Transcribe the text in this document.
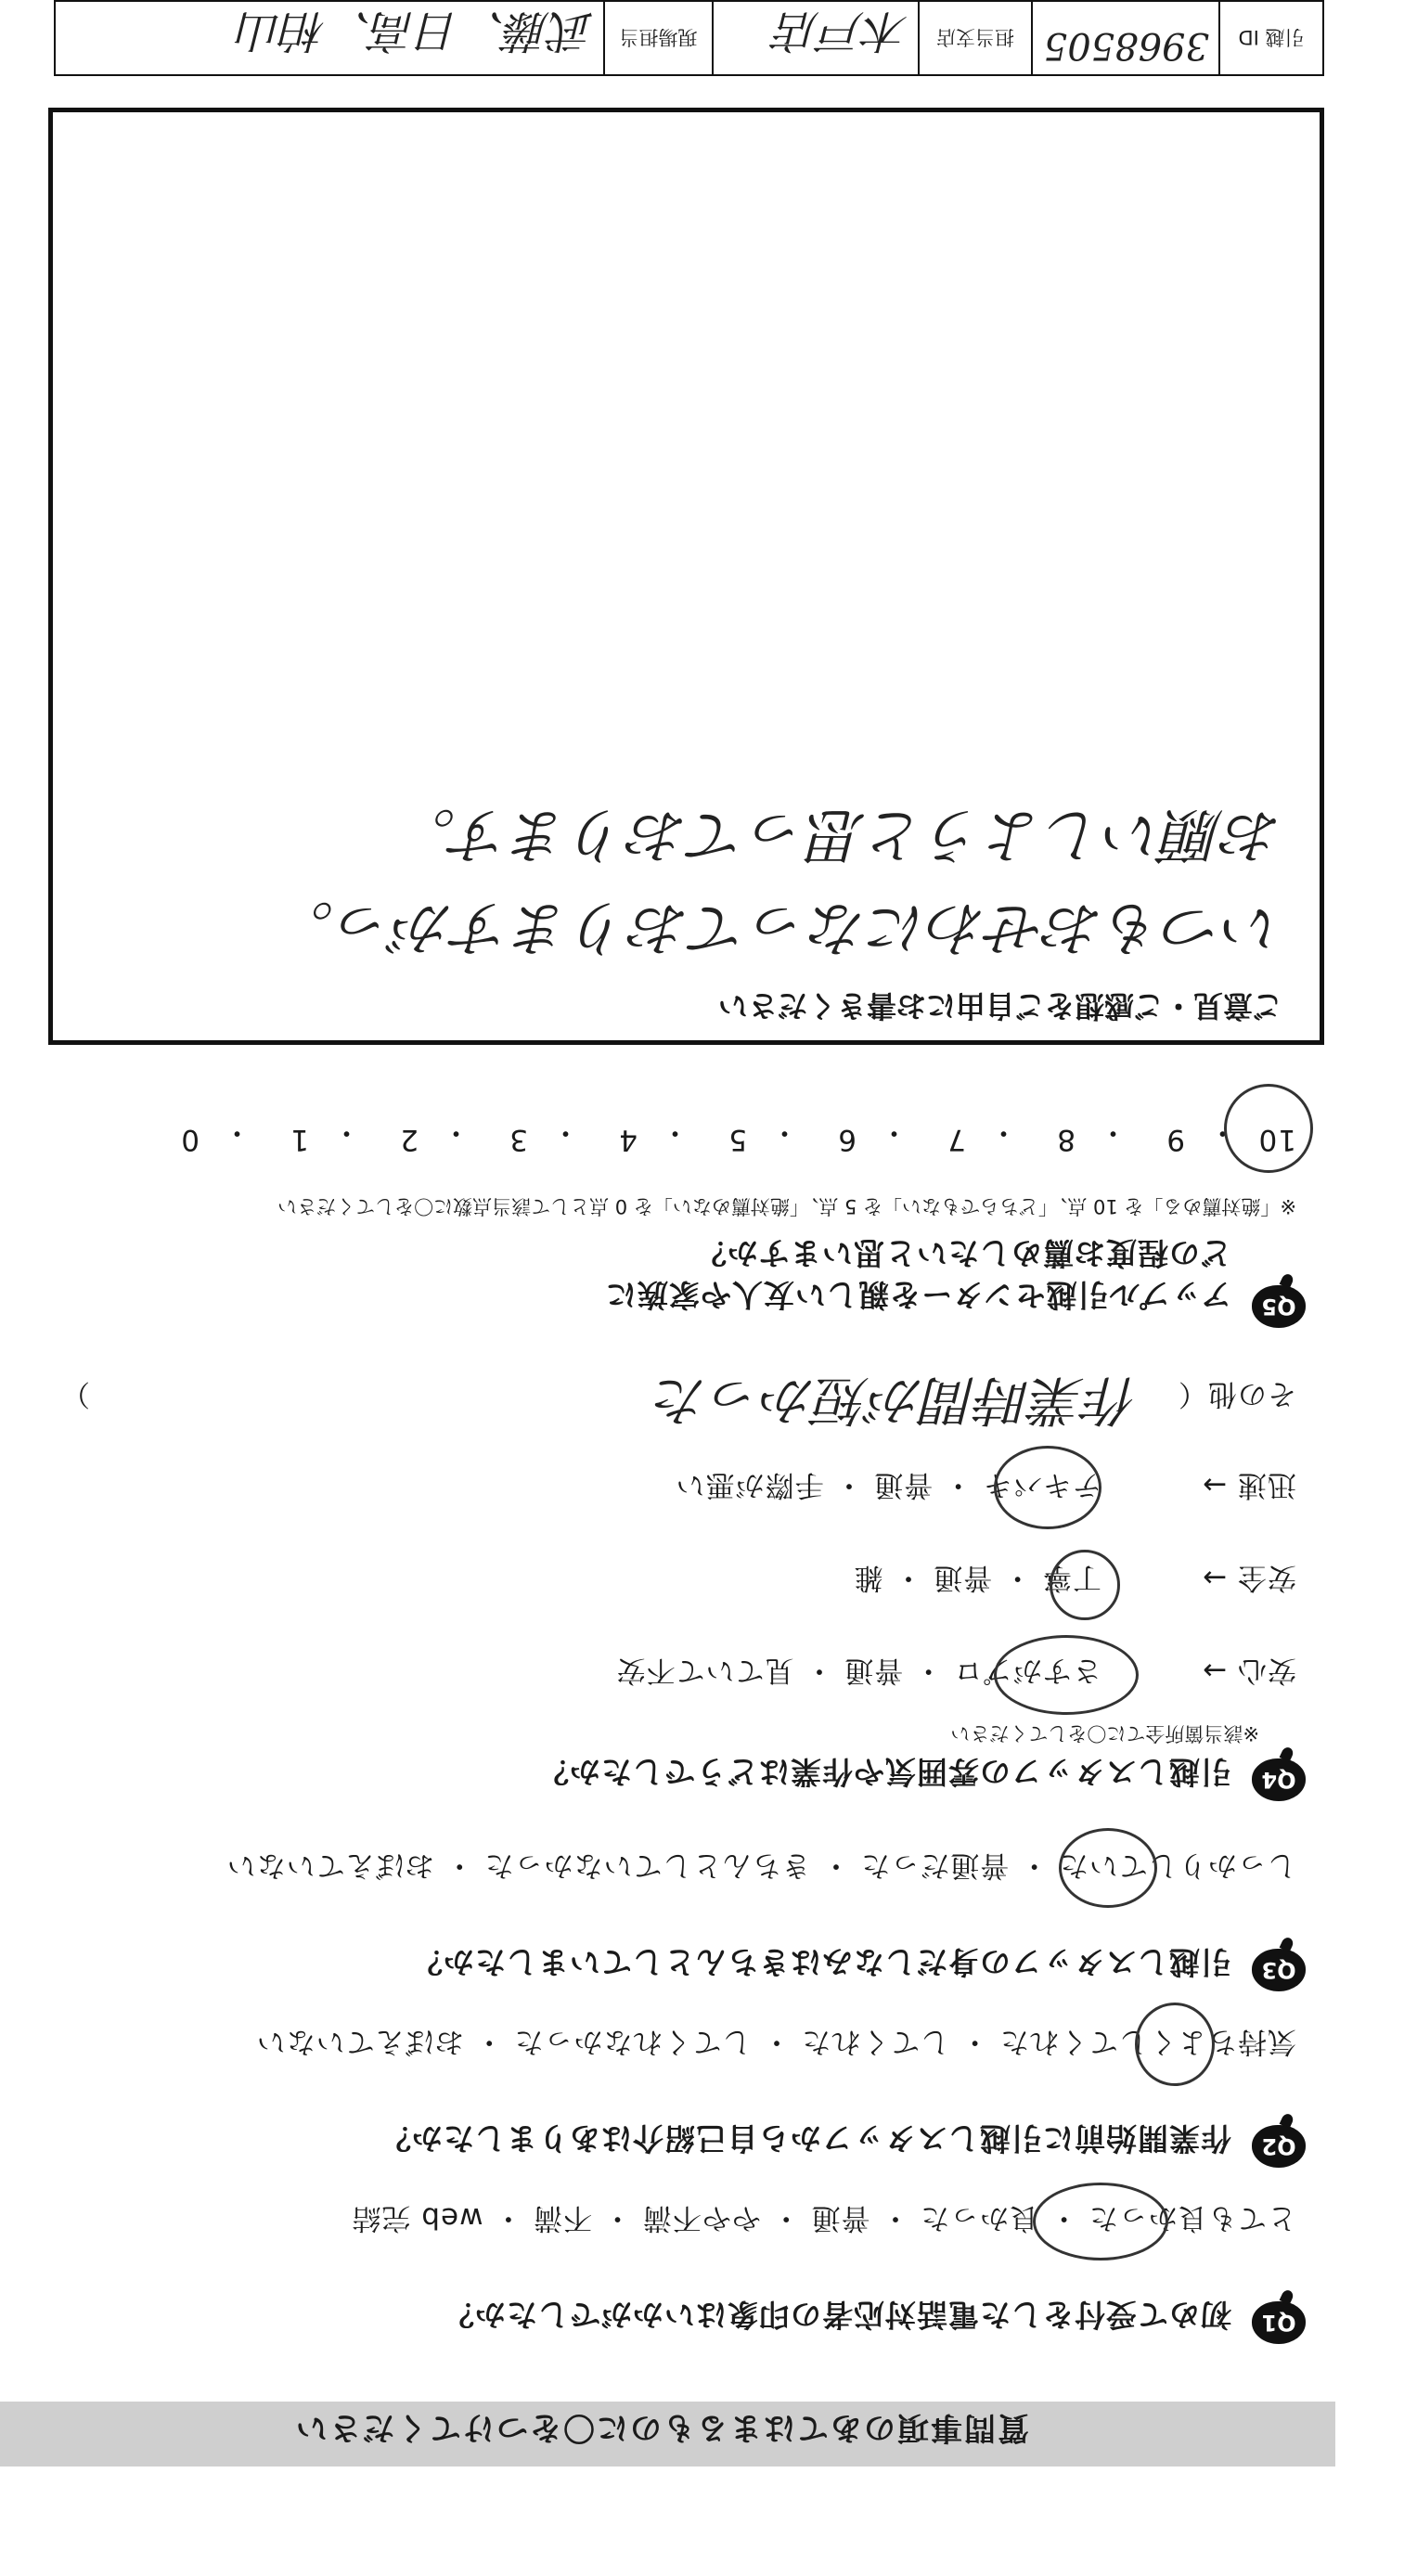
質問事項のあてはまるものに〇をつけてください
Q1
初めて受付をした電話対応者の印象はいかがでしたか？
とても良かった ・ 良かった ・ 普通 ・ やや不満 ・ 不満 ・ web 完結
Q2
作業開始前に引越しスタッフから自己紹介はありましたか？
気持ちよくしてくれた ・ してくれた ・ してくれなかった ・ おぼえていない
Q3
引越しスタッフの身だしなみはきちんとしていましたか？
しっかりしていた ・ 普通だった ・ きちんとしていなかった ・ おぼえていない
Q4
引越しスタッフの雰囲気や作業はどうでしたか？
※該当箇所全てに〇をしてください
安心 →
さすがプロ ・ 普通 ・ 見ていて不安
安全 →
丁寧 ・ 普通 ・ 雑
迅速 →
テキパキ ・ 普通 ・ 手際が悪い
その他（
作業時間が短かった
）
Q5
アップル引越センターを親しい友人や家族に
どの程度お薦めしたいと思いますか？
※「絶対薦める」を 10 点、「どちらでもない」を 5 点、「絶対薦めない」を 0 点として該当点数に〇をしてください
10
・
9
・
8
・
7
・
6
・
5
・
4
・
3
・
2
・
1
・
0
ご意見・ご感想をご自由にお書きください
いつもおせわになっておりますがっ。
お願いしようと思っております。
引越 ID
3968505
担当支店
木戸店
現場担当
武藤、日高、柏山
